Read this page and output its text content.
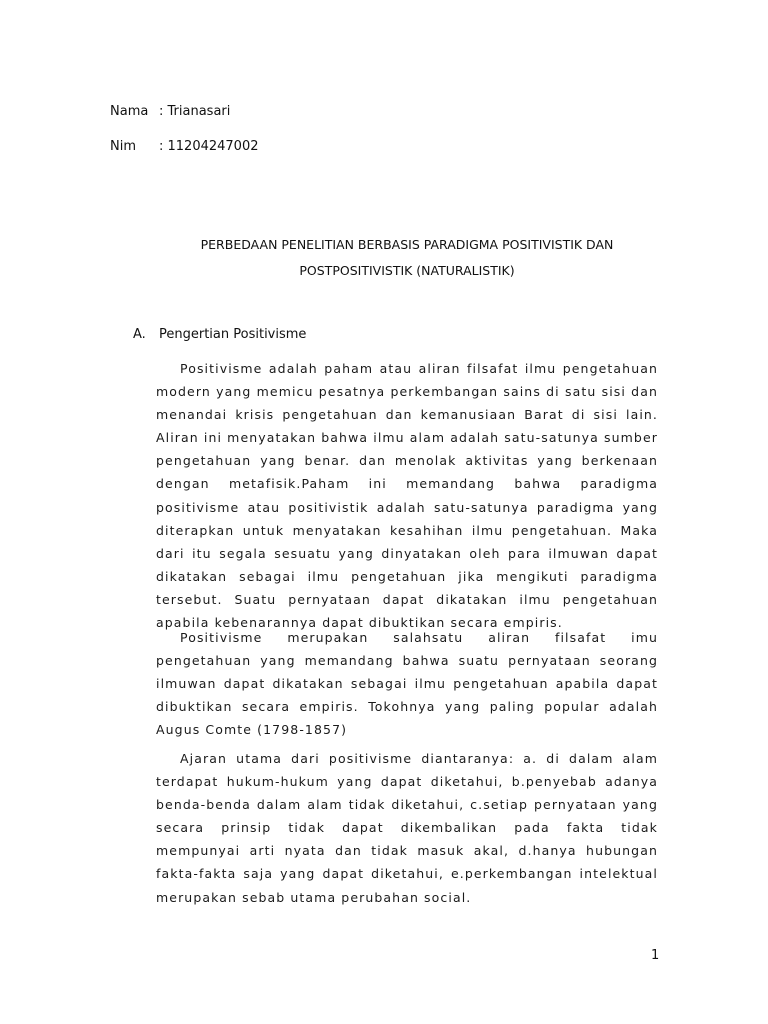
Nama : Trianasari
Nim : 11204247002
PERBEDAAN PENELITIAN BERBASIS PARADIGMA POSITIVISTIK DAN
POSTPOSITIVISTIK (NATURALISTIK)
A. Pengertian Positivisme

Positivisme adalah paham atau aliran filsafat ilmu pengetahuan modern yang memicu pesatnya perkembangan sains di satu sisi dan menandai krisis pengetahuan dan kemanusiaan Barat di sisi lain. Aliran ini menyatakan bahwa ilmu alam adalah satu-satunya sumber pengetahuan yang benar. dan menolak aktivitas yang berkenaan dengan metafisik.Paham ini memandang bahwa paradigma positivisme atau positivistik adalah satu-satunya paradigma yang diterapkan untuk menyatakan kesahihan ilmu pengetahuan. Maka dari itu segala sesuatu yang dinyatakan oleh para ilmuwan dapat dikatakan sebagai ilmu pengetahuan jika mengikuti paradigma tersebut. Suatu pernyataan dapat dikatakan ilmu pengetahuan apabila kebenarannya dapat dibuktikan secara empiris.

Positivisme merupakan salahsatu aliran filsafat imu pengetahuan yang memandang bahwa suatu pernyataan seorang ilmuwan dapat dikatakan sebagai ilmu pengetahuan apabila dapat dibuktikan secara empiris. Tokohnya yang paling popular adalah Augus Comte (1798-1857)

Ajaran utama dari positivisme diantaranya: a. di dalam alam terdapat hukum-hukum yang dapat diketahui, b.penyebab adanya benda-benda dalam alam tidak diketahui, c.setiap pernyataan yang secara prinsip tidak dapat dikembalikan pada fakta tidak mempunyai arti nyata dan tidak masuk akal, d.hanya hubungan fakta-fakta saja yang dapat diketahui, e.perkembangan intelektual merupakan sebab utama perubahan social.

1
